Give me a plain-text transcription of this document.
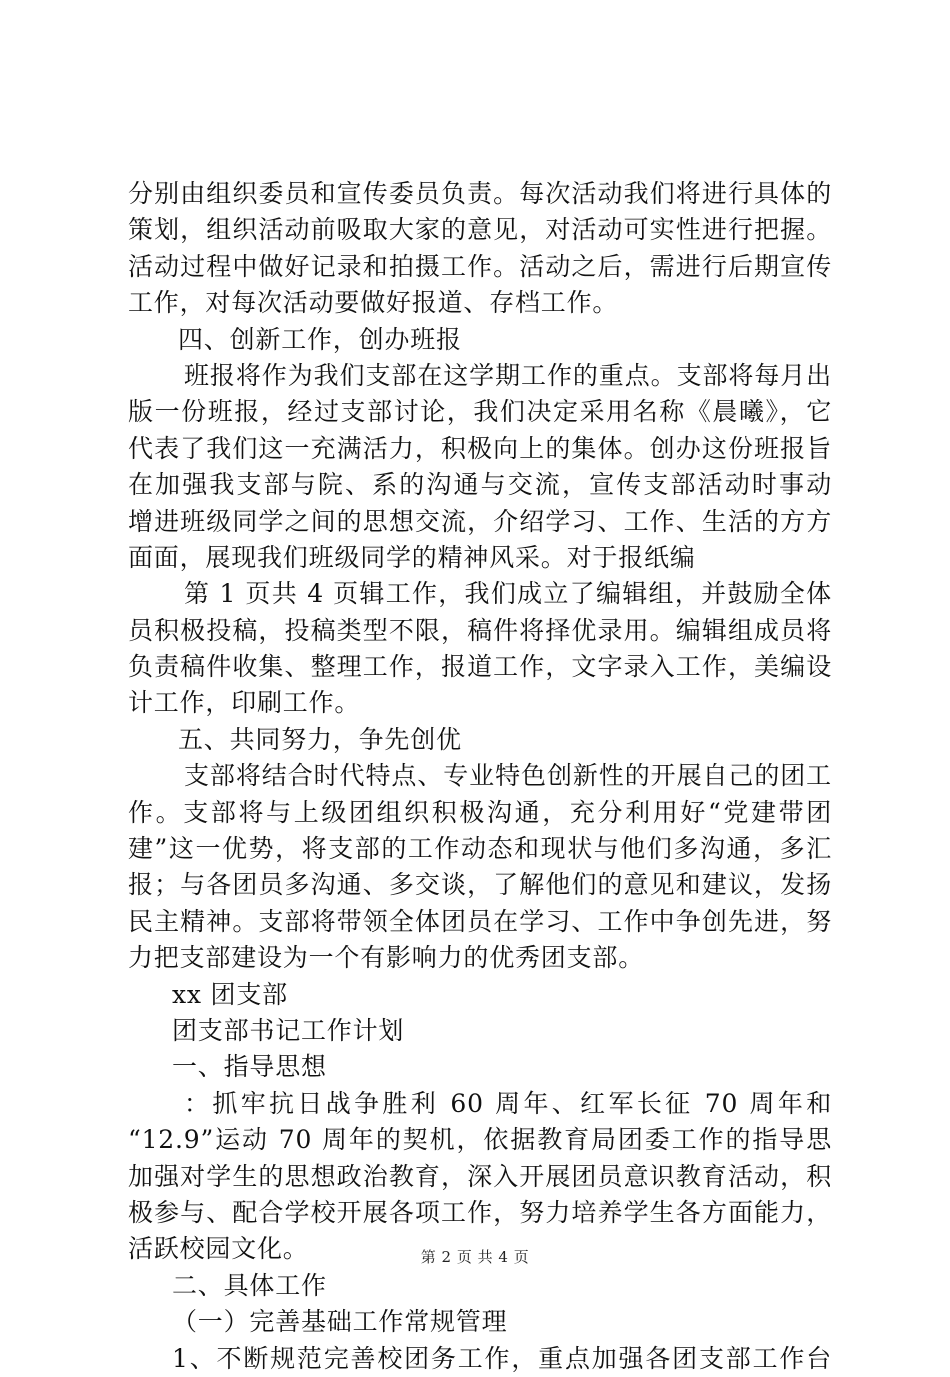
分别由组织委员和宣传委员负责。每次活动我们将进行具体的
策划，组织活动前吸取大家的意见，对活动可实性进行把握。
活动过程中做好记录和拍摄工作。活动之后，需进行后期宣传
工作，对每次活动要做好报道、存档工作。
四、创新工作，创办班报
班报将作为我们支部在这学期工作的重点。支部将每月出
版一份班报，经过支部讨论，我们决定采用名称《晨曦》，它
代表了我们这一充满活力，积极向上的集体。创办这份班报旨
在加强我支部与院、系的沟通与交流，宣传支部活动时事动
增进班级同学之间的思想交流，介绍学习、工作、生活的方方
面面，展现我们班级同学的精神风采。对于报纸编
第 1 页共 4 页辑工作，我们成立了编辑组，并鼓励全体
员积极投稿，投稿类型不限，稿件将择优录用。编辑组成员将
负责稿件收集、整理工作，报道工作，文字录入工作，美编设
计工作，印刷工作。
五、共同努力，争先创优
支部将结合时代特点、专业特色创新性的开展自己的团工
作。支部将与上级团组织积极沟通，充分利用好“党建带团
建”这一优势，将支部的工作动态和现状与他们多沟通，多汇
报；与各团员多沟通、多交谈，了解他们的意见和建议，发扬
民主精神。支部将带领全体团员在学习、工作中争创先进，努
力把支部建设为一个有影响力的优秀团支部。
xx 团支部
团支部书记工作计划
一、指导思想
：抓牢抗日战争胜利 60 周年、红军长征 70 周年和
“12.9”运动 70 周年的契机，依据教育局团委工作的指导思
加强对学生的思想政治教育，深入开展团员意识教育活动，积
极参与、配合学校开展各项工作，努力培养学生各方面能力，
活跃校园文化。
二、具体工作
（一）完善基础工作常规管理
1、不断规范完善校团务工作，重点加强各团支部工作台
第 2 页 共 4 页
